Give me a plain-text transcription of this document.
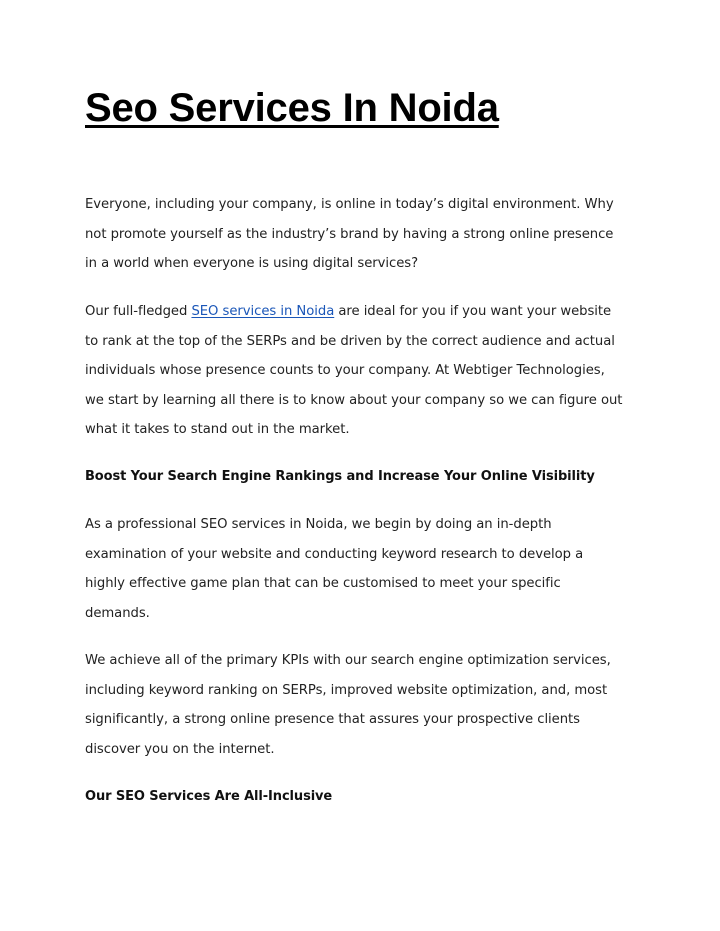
Seo Services In Noida

Everyone, including your company, is online in today’s digital environment. Why
not promote yourself as the industry’s brand by having a strong online presence
in a world when everyone is using digital services?

Our full-fledged SEO services in Noida are ideal for you if you want your website
to rank at the top of the SERPs and be driven by the correct audience and actual
individuals whose presence counts to your company. At Webtiger Technologies,
we start by learning all there is to know about your company so we can figure out
what it takes to stand out in the market.

Boost Your Search Engine Rankings and Increase Your Online Visibility

As a professional SEO services in Noida, we begin by doing an in-depth
examination of your website and conducting keyword research to develop a
highly effective game plan that can be customised to meet your specific
demands.

We achieve all of the primary KPIs with our search engine optimization services,
including keyword ranking on SERPs, improved website optimization, and, most
significantly, a strong online presence that assures your prospective clients
discover you on the internet.

Our SEO Services Are All-Inclusive
